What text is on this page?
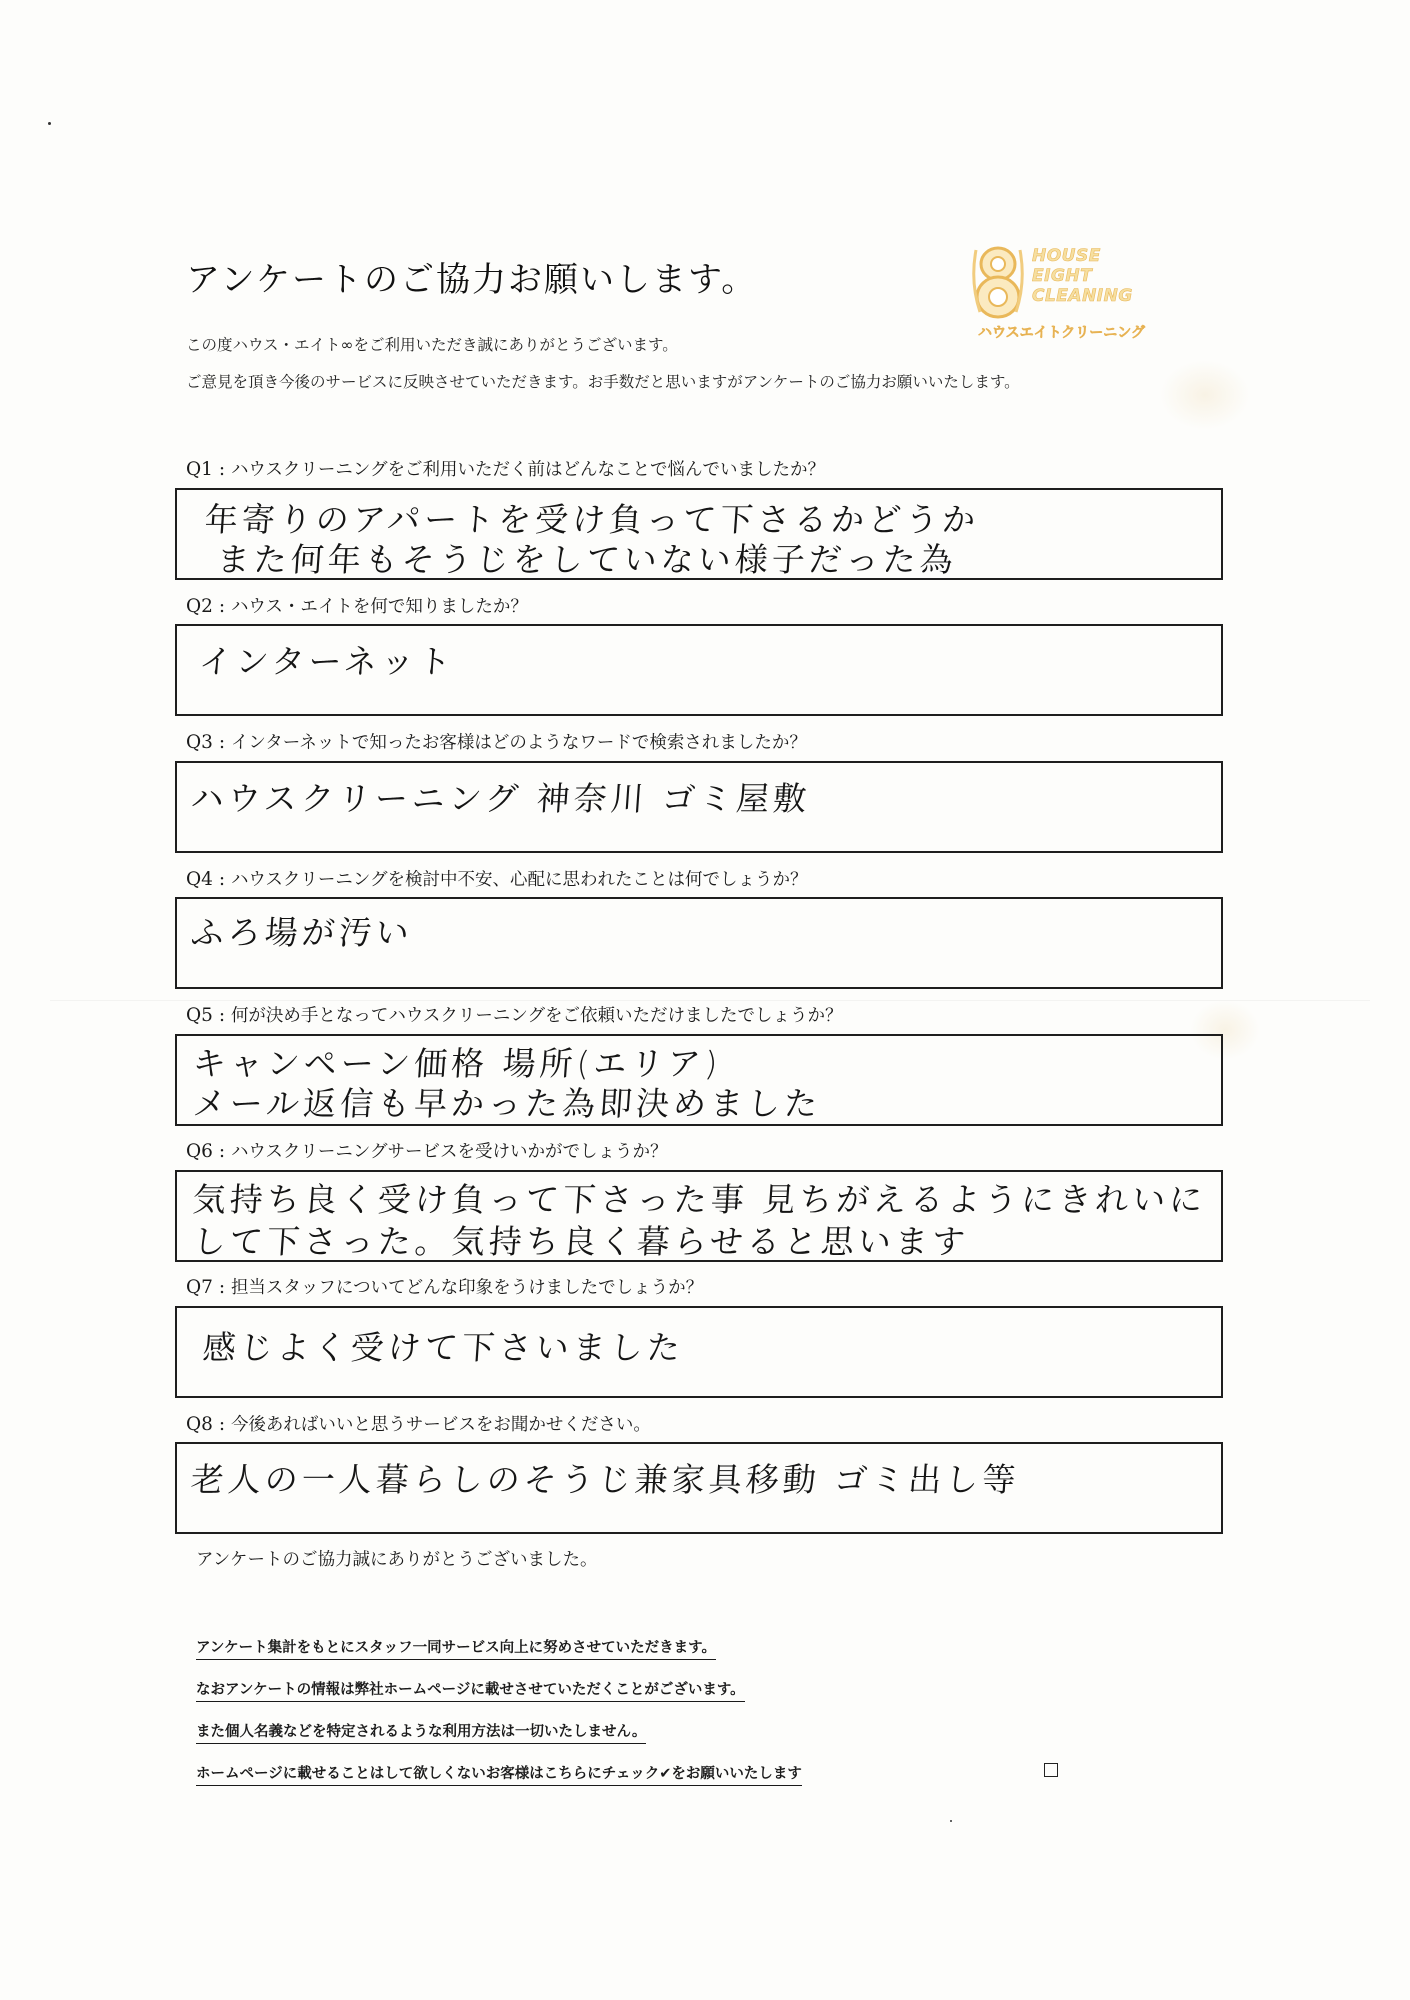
アンケートのご協力お願いします。
この度ハウス・エイト∞をご利用いただき誠にありがとうございます。
ご意見を頂き今後のサービスに反映させていただきます。お手数だと思いますがアンケートのご協力お願いいたします。
HOUSE
EIGHT
CLEANING
ハウスエイトクリーニング
Q1 : ハウスクリーニングをご利用いただく前はどんなことで悩んでいましたか？
年寄りのアパートを受け負って下さるかどうか
また何年もそうじをしていない様子だった為
Q2 : ハウス・エイトを何で知りましたか？
インターネット
Q3 : インターネットで知ったお客様はどのようなワードで検索されましたか？
ハウスクリーニング 神奈川 ゴミ屋敷
Q4 : ハウスクリーニングを検討中不安、心配に思われたことは何でしょうか？
ふろ場が汚い
Q5 : 何が決め手となってハウスクリーニングをご依頼いただけましたでしょうか？
キャンペーン価格 場所(エリア)
メール返信も早かった為即決めました
Q6 : ハウスクリーニングサービスを受けいかがでしょうか？
気持ち良く受け負って下さった事 見ちがえるようにきれいに
して下さった。気持ち良く暮らせると思います
Q7 : 担当スタッフについてどんな印象をうけましたでしょうか？
感じよく受けて下さいました
Q8 : 今後あればいいと思うサービスをお聞かせください。
老人の一人暮らしのそうじ兼家具移動 ゴミ出し等
アンケートのご協力誠にありがとうございました。
アンケート集計をもとにスタッフ一同サービス向上に努めさせていただきます。
なおアンケートの情報は弊社ホームページに載せさせていただくことがございます。
また個人名義などを特定されるような利用方法は一切いたしません。
ホームページに載せることはして欲しくないお客様はこちらにチェック✔をお願いいたします
